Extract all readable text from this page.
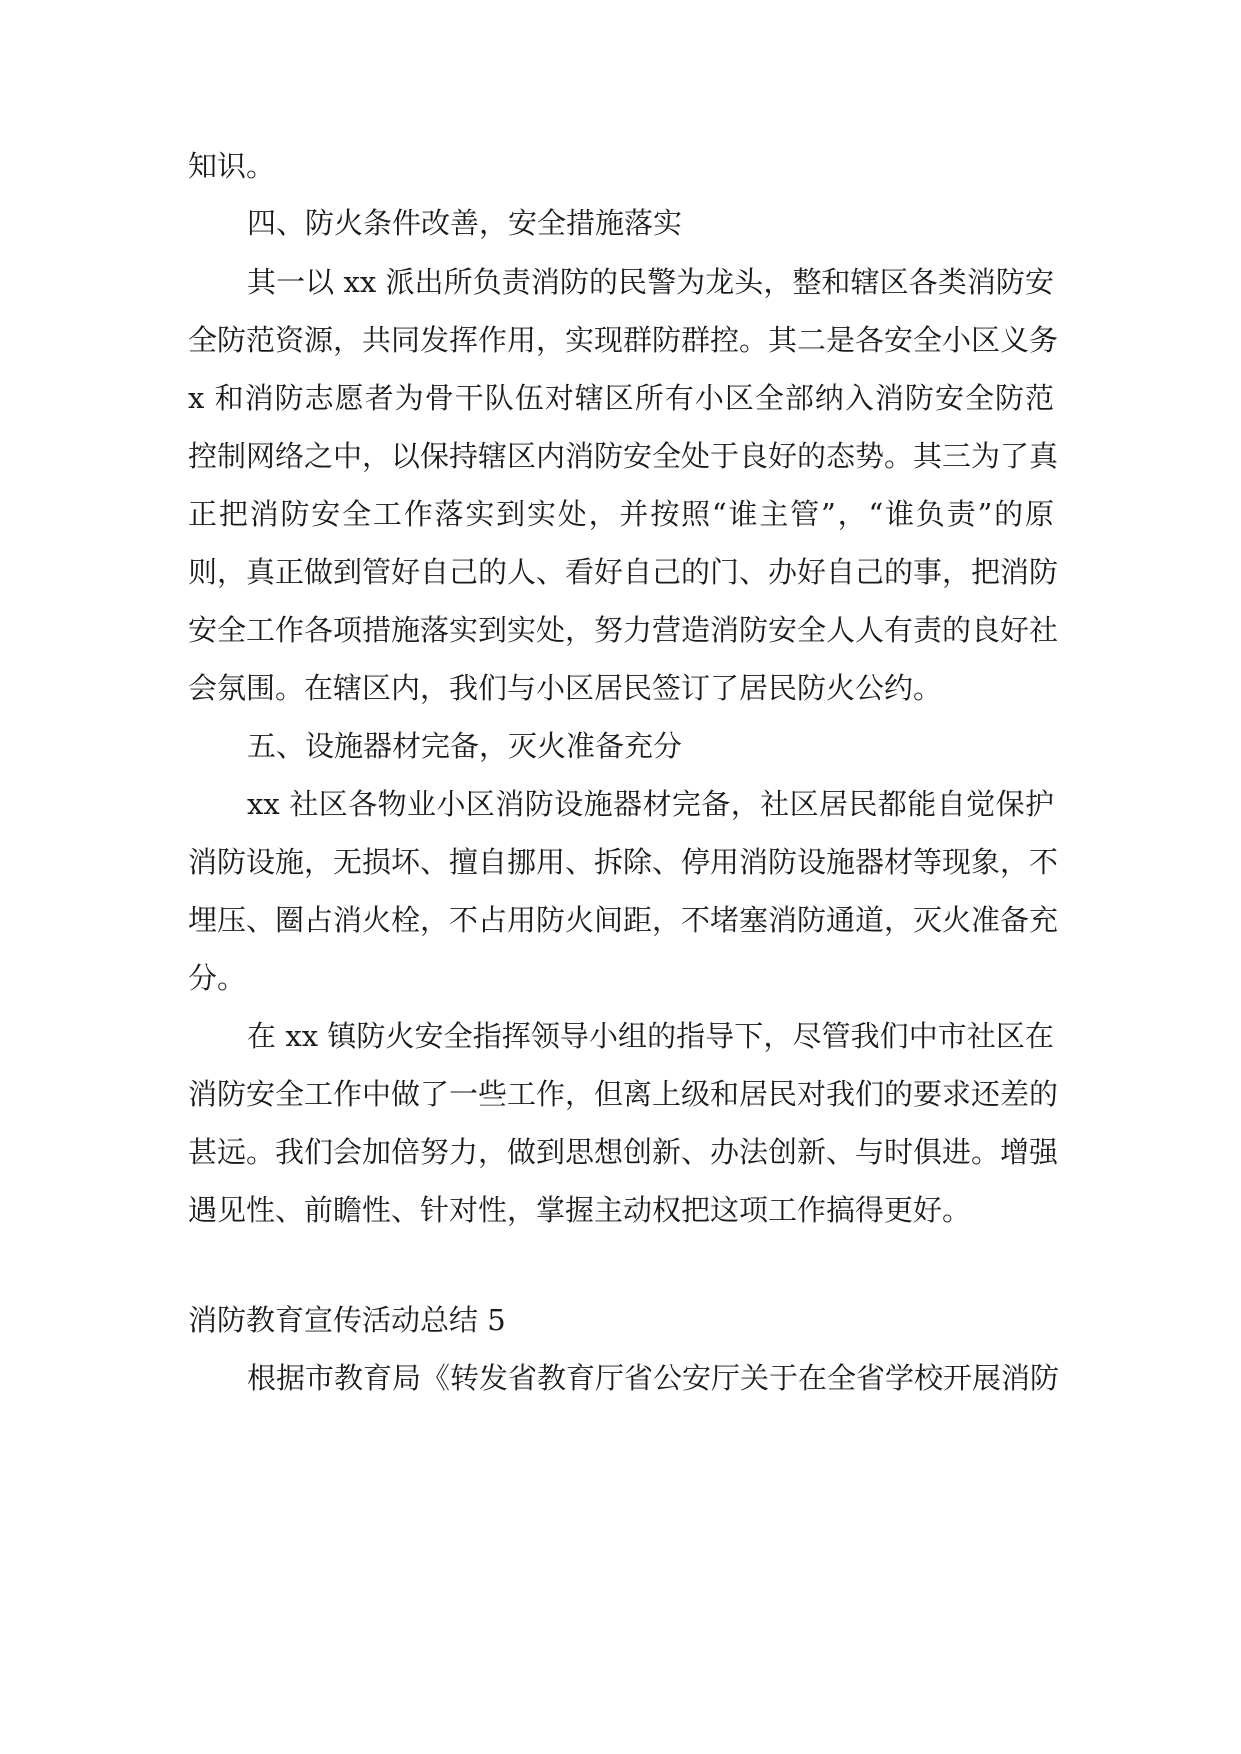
知识。
四、防火条件改善，安全措施落实
其一以 xx 派出所负责消防的民警为龙头，整和辖区各类消防安
全防范资源，共同发挥作用，实现群防群控。其二是各安全小区义务
x 和消防志愿者为骨干队伍对辖区所有小区全部纳入消防安全防范
控制网络之中，以保持辖区内消防安全处于良好的态势。其三为了真
正把消防安全工作落实到实处，并按照“谁主管”，“谁负责”的原
则，真正做到管好自己的人、看好自己的门、办好自己的事，把消防
安全工作各项措施落实到实处，努力营造消防安全人人有责的良好社
会氛围。在辖区内，我们与小区居民签订了居民防火公约。
五、设施器材完备，灭火准备充分
xx 社区各物业小区消防设施器材完备，社区居民都能自觉保护
消防设施，无损坏、擅自挪用、拆除、停用消防设施器材等现象，不
埋压、圈占消火栓，不占用防火间距，不堵塞消防通道，灭火准备充
分。
在 xx 镇防火安全指挥领导小组的指导下，尽管我们中市社区在
消防安全工作中做了一些工作，但离上级和居民对我们的要求还差的
甚远。我们会加倍努力，做到思想创新、办法创新、与时俱进。增强
遇见性、前瞻性、针对性，掌握主动权把这项工作搞得更好。
消防教育宣传活动总结 5
根据市教育局《转发省教育厅省公安厅关于在全省学校开展消防
